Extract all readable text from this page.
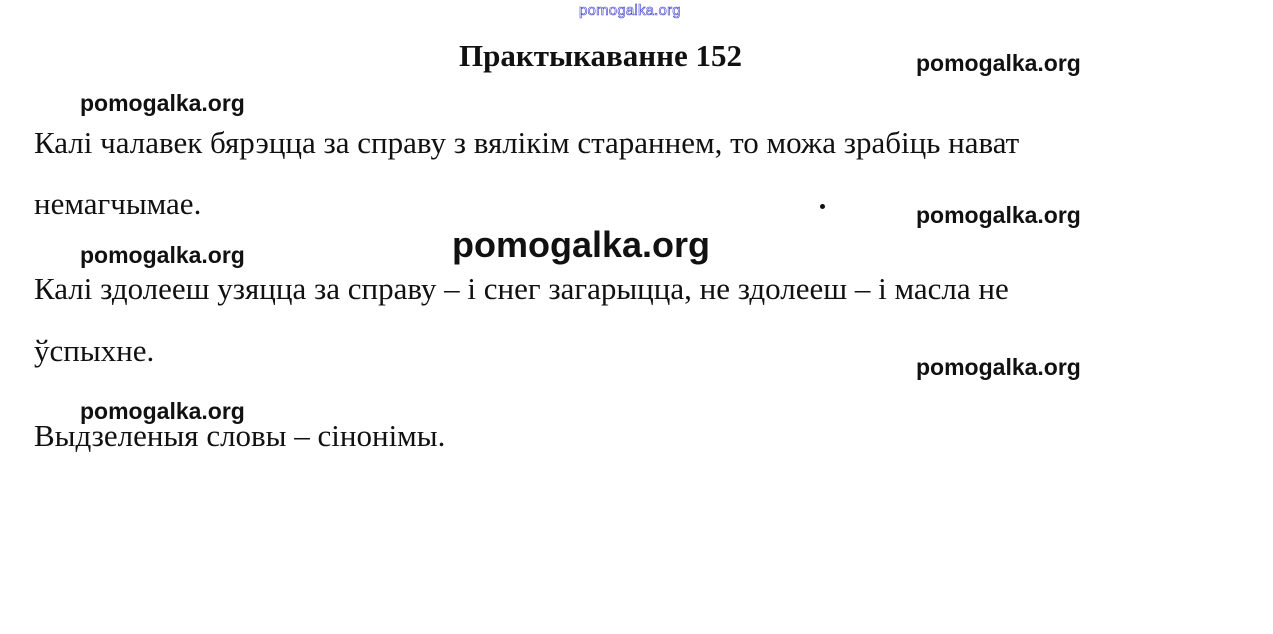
pomogalka.org
Практыкаванне 152	pomogalka.org
pomogalka.org
Калі чалавек бярэцца за справу з вялікім стараннем, то можа зрабіць нават
немагчымае.	pomogalka.org
pomogalka.org
pomogalka.org
Калі здолееш узяцца за справу – і снег загарыцца, не здолееш – і масла не
ўспыхне.	pomogalka.org
pomogalka.org
Выдзеленыя словы – сінонімы.
